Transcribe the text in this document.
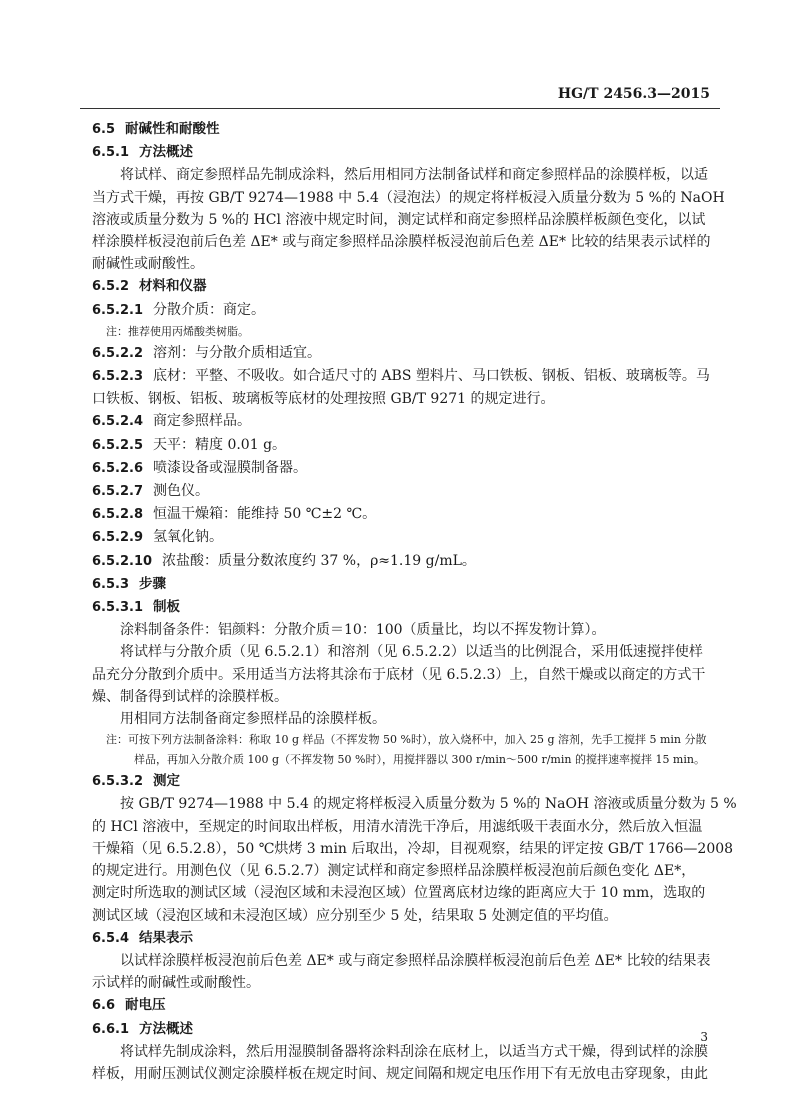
HG/T 2456.3—2015
6.5 耐碱性和耐酸性
6.5.1 方法概述
将试样、商定参照样品先制成涂料，然后用相同方法制备试样和商定参照样品的涂膜样板，以适
当方式干燥，再按 GB/T 9274—1988 中 5.4（浸泡法）的规定将样板浸入质量分数为 5 %的 NaOH
溶液或质量分数为 5 %的 HCl 溶液中规定时间，测定试样和商定参照样品涂膜样板颜色变化，以试
样涂膜样板浸泡前后色差 ΔE* 或与商定参照样品涂膜样板浸泡前后色差 ΔE* 比较的结果表示试样的
耐碱性或耐酸性。
6.5.2 材料和仪器
6.5.2.1 分散介质：商定。
注：推荐使用丙烯酸类树脂。
6.5.2.2 溶剂：与分散介质相适宜。
6.5.2.3 底材：平整、不吸收。如合适尺寸的 ABS 塑料片、马口铁板、钢板、铝板、玻璃板等。马
口铁板、钢板、铝板、玻璃板等底材的处理按照 GB/T 9271 的规定进行。
6.5.2.4 商定参照样品。
6.5.2.5 天平：精度 0.01 g。
6.5.2.6 喷漆设备或湿膜制备器。
6.5.2.7 测色仪。
6.5.2.8 恒温干燥箱：能维持 50 ℃±2 ℃。
6.5.2.9 氢氧化钠。
6.5.2.10 浓盐酸：质量分数浓度约 37 %，ρ≈1.19 g/mL。
6.5.3 步骤
6.5.3.1 制板
涂料制备条件：铝颜料：分散介质＝10：100（质量比，均以不挥发物计算）。
将试样与分散介质（见 6.5.2.1）和溶剂（见 6.5.2.2）以适当的比例混合，采用低速搅拌使样
品充分分散到介质中。采用适当方法将其涂布于底材（见 6.5.2.3）上，自然干燥或以商定的方式干
燥、制备得到试样的涂膜样板。
用相同方法制备商定参照样品的涂膜样板。
注：可按下列方法制备涂料：称取 10 g 样品（不挥发物 50 %时），放入烧杯中，加入 25 g 溶剂，先手工搅拌 5 min 分散
样品，再加入分散介质 100 g（不挥发物 50 %时），用搅拌器以 300 r/min～500 r/min 的搅拌速率搅拌 15 min。
6.5.3.2 测定
按 GB/T 9274—1988 中 5.4 的规定将样板浸入质量分数为 5 %的 NaOH 溶液或质量分数为 5 %
的 HCl 溶液中，至规定的时间取出样板，用清水清洗干净后，用滤纸吸干表面水分，然后放入恒温
干燥箱（见 6.5.2.8），50 ℃烘烤 3 min 后取出，冷却，目视观察，结果的评定按 GB/T 1766—2008
的规定进行。用测色仪（见 6.5.2.7）测定试样和商定参照样品涂膜样板浸泡前后颜色变化 ΔE*，
测定时所选取的测试区域（浸泡区域和未浸泡区域）位置离底材边缘的距离应大于 10 mm，选取的
测试区域（浸泡区域和未浸泡区域）应分别至少 5 处，结果取 5 处测定值的平均值。
6.5.4 结果表示
以试样涂膜样板浸泡前后色差 ΔE* 或与商定参照样品涂膜样板浸泡前后色差 ΔE* 比较的结果表
示试样的耐碱性或耐酸性。
6.6 耐电压
6.6.1 方法概述
将试样先制成涂料，然后用湿膜制备器将涂料刮涂在底材上，以适当方式干燥，得到试样的涂膜
样板，用耐压测试仪测定涂膜样板在规定时间、规定间隔和规定电压作用下有无放电击穿现象，由此
3
